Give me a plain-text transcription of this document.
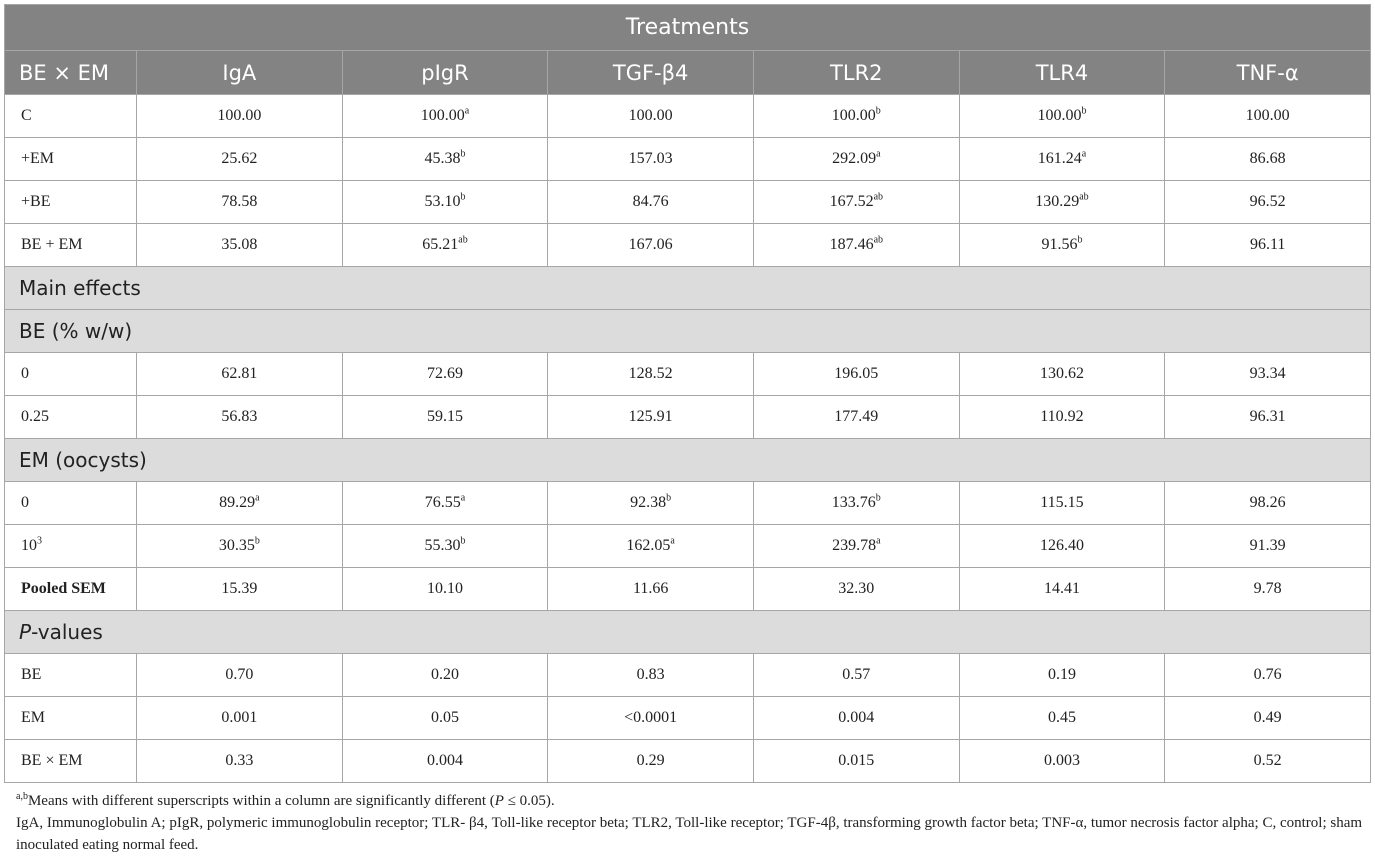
Treatments						
BE × EM	IgA	pIgR	TGF-β4	TLR2	TLR4	TNF-α
C	100.00	100.00$^a$	100.00	100.00$^b$	100.00$^b$	100.00
+EM	25.62	45.38$^b$	157.03	292.09$^a$	161.24$^a$	86.68
+BE	78.58	53.10$^b$	84.76	167.52$^{ab}$	130.29$^{ab}$	96.52
BE + EM	35.08	65.21$^{ab}$	167.06	187.46$^{ab}$	91.56$^b$	96.11
Main effects						
BE (% w/w)						
0	62.81	72.69	128.52	196.05	130.62	93.34
0.25	56.83	59.15	125.91	177.49	110.92	96.31
EM (oocysts)						
0	89.29$^a$	76.55$^a$	92.38$^b$	133.76$^b$	115.15	98.26
$10^3$	30.35$^b$	55.30$^b$	162.05$^a$	239.78$^a$	126.40	91.39
Pooled SEM	15.39	10.10	11.66	32.30	14.41	9.78
P-values						
BE	0.70	0.20	0.83	0.57	0.19	0.76
EM	0.001	0.05	<0.0001	0.004	0.45	0.49
BE × EM	0.33	0.004	0.29	0.015	0.003	0.52

$^{a,b}$Means with different superscripts within a column are significantly different (P ≤ 0.05).

IgA, Immunoglobulin A; pIgR, polymeric immunoglobulin receptor; TLR- β4, Toll-like receptor beta; TLR2, Toll-like receptor; TGF-4β, transforming growth factor beta; TNF-α, tumor necrosis factor alpha; C, control; sham inoculated eating normal feed.
